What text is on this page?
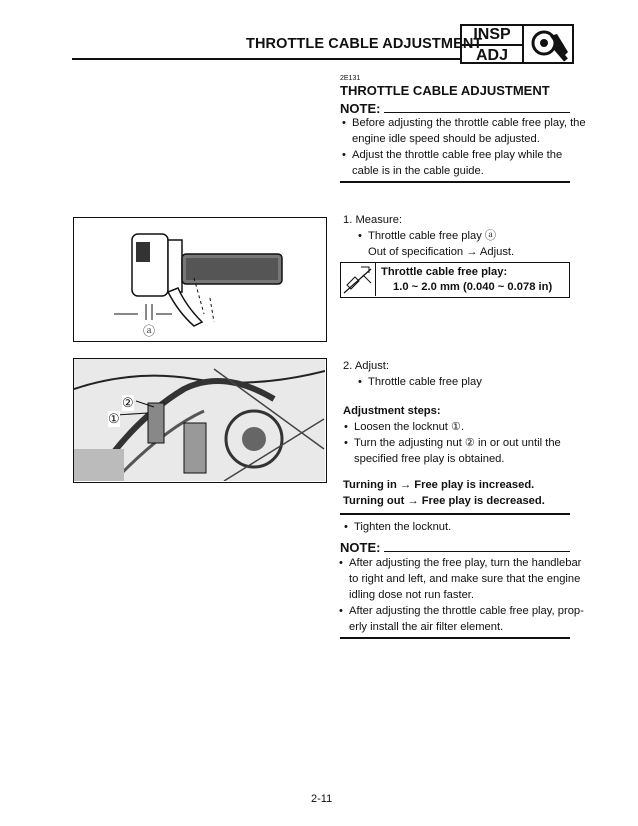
THROTTLE CABLE ADJUSTMENT
INSP
ADJ
2E131
THROTTLE CABLE ADJUSTMENT
NOTE:
• Before adjusting the throttle cable free play, the
engine idle speed should be adjusted.
• Adjust the throttle cable free play while the
cable is in the cable guide.
1. Measure:
• Throttle cable free play ⓐ
Out of specification → Adjust.
Throttle cable free play:
1.0 ~ 2.0 mm (0.040 ~ 0.078 in)
2. Adjust:
• Throttle cable free play
Adjustment steps:
• Loosen the locknut ①.
• Turn the adjusting nut ② in or out until the
specified free play is obtained.
Turning in → Free play is increased.
Turning out → Free play is decreased.
• Tighten the locknut.
NOTE:
• After adjusting the free play, turn the handlebar
to right and left, and make sure that the engine
idling dose not run faster.
• After adjusting the throttle cable free play, prop-
erly install the air filter element.
ⓐ
②
①
2-11
